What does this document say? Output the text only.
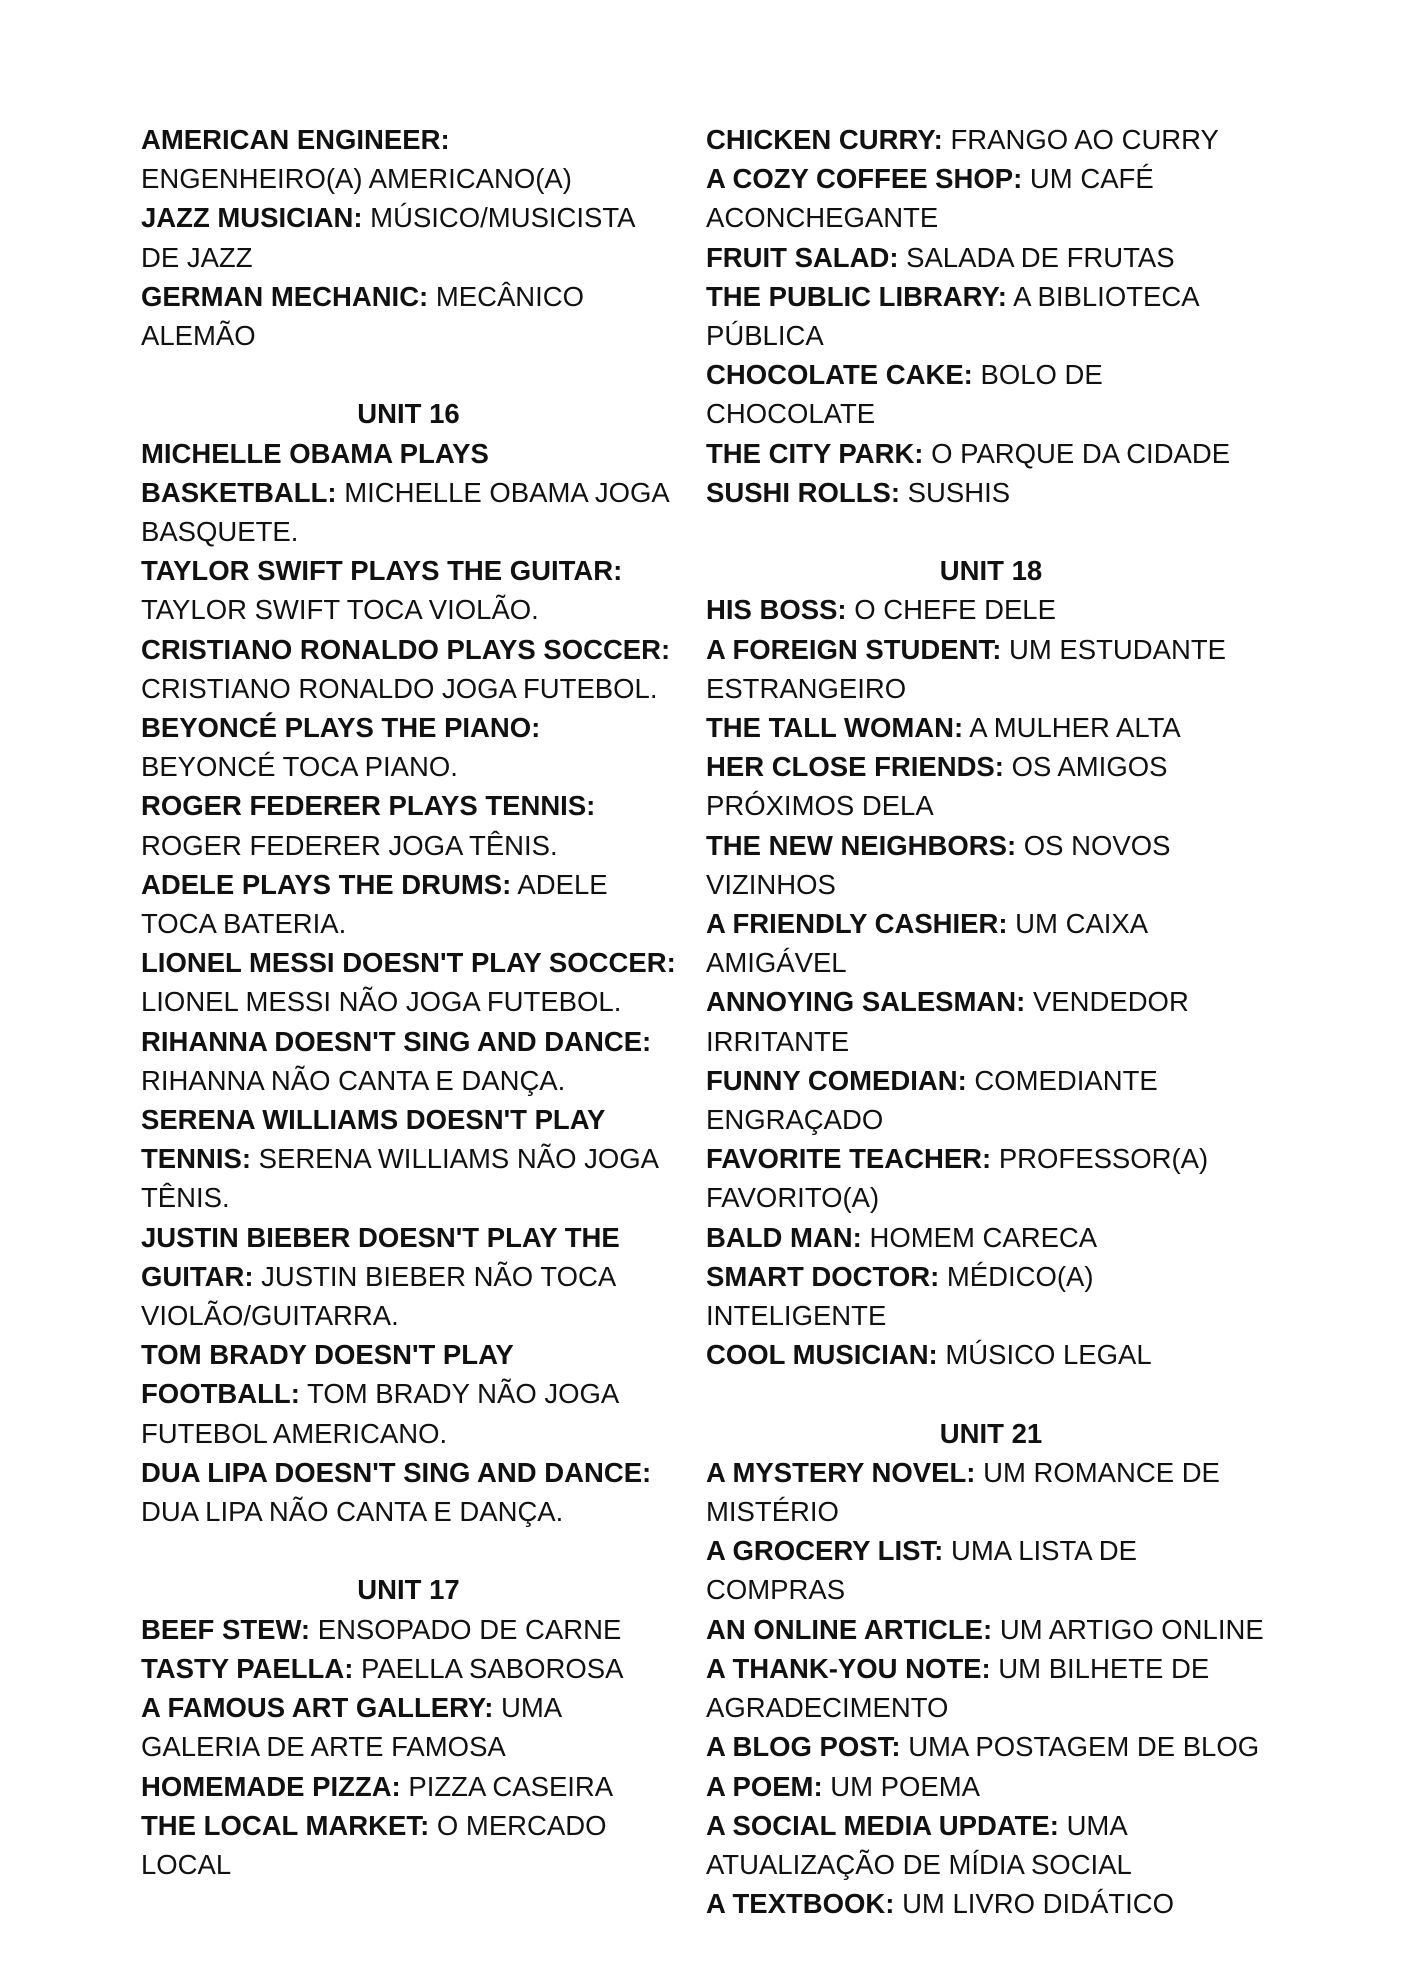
AMERICAN ENGINEER: ENGENHEIRO(A) AMERICANO(A)

JAZZ MUSICIAN: MÚSICO/MUSICISTA DE JAZZ

GERMAN MECHANIC: MECÂNICO ALEMÃO

UNIT 16

MICHELLE OBAMA PLAYS BASKETBALL: MICHELLE OBAMA JOGA BASQUETE.

TAYLOR SWIFT PLAYS THE GUITAR: TAYLOR SWIFT TOCA VIOLÃO.

CRISTIANO RONALDO PLAYS SOCCER: CRISTIANO RONALDO JOGA FUTEBOL.

BEYONCÉ PLAYS THE PIANO: BEYONCÉ TOCA PIANO.

ROGER FEDERER PLAYS TENNIS: ROGER FEDERER JOGA TÊNIS.

ADELE PLAYS THE DRUMS: ADELE TOCA BATERIA.

LIONEL MESSI DOESN'T PLAY SOCCER: LIONEL MESSI NÃO JOGA FUTEBOL.

RIHANNA DOESN'T SING AND DANCE: RIHANNA NÃO CANTA E DANÇA.

SERENA WILLIAMS DOESN'T PLAY TENNIS: SERENA WILLIAMS NÃO JOGA TÊNIS.

JUSTIN BIEBER DOESN'T PLAY THE GUITAR: JUSTIN BIEBER NÃO TOCA VIOLÃO/GUITARRA.

TOM BRADY DOESN'T PLAY FOOTBALL: TOM BRADY NÃO JOGA FUTEBOL AMERICANO.

DUA LIPA DOESN'T SING AND DANCE: DUA LIPA NÃO CANTA E DANÇA.

UNIT 17

BEEF STEW: ENSOPADO DE CARNE

TASTY PAELLA: PAELLA SABOROSA

A FAMOUS ART GALLERY: UMA GALERIA DE ARTE FAMOSA

HOMEMADE PIZZA: PIZZA CASEIRA

THE LOCAL MARKET: O MERCADO LOCAL

CHICKEN CURRY: FRANGO AO CURRY

A COZY COFFEE SHOP: UM CAFÉ ACONCHEGANTE

FRUIT SALAD: SALADA DE FRUTAS

THE PUBLIC LIBRARY: A BIBLIOTECA PÚBLICA

CHOCOLATE CAKE: BOLO DE CHOCOLATE

THE CITY PARK: O PARQUE DA CIDADE

SUSHI ROLLS: SUSHIS

UNIT 18

HIS BOSS: O CHEFE DELE

A FOREIGN STUDENT: UM ESTUDANTE ESTRANGEIRO

THE TALL WOMAN: A MULHER ALTA

HER CLOSE FRIENDS: OS AMIGOS PRÓXIMOS DELA

THE NEW NEIGHBORS: OS NOVOS VIZINHOS

A FRIENDLY CASHIER: UM CAIXA AMIGÁVEL

ANNOYING SALESMAN: VENDEDOR IRRITANTE

FUNNY COMEDIAN: COMEDIANTE ENGRAÇADO

FAVORITE TEACHER: PROFESSOR(A) FAVORITO(A)

BALD MAN: HOMEM CARECA

SMART DOCTOR: MÉDICO(A) INTELIGENTE

COOL MUSICIAN: MÚSICO LEGAL

UNIT 21

A MYSTERY NOVEL: UM ROMANCE DE MISTÉRIO

A GROCERY LIST: UMA LISTA DE COMPRAS

AN ONLINE ARTICLE: UM ARTIGO ONLINE

A THANK-YOU NOTE: UM BILHETE DE AGRADECIMENTO

A BLOG POST: UMA POSTAGEM DE BLOG

A POEM: UM POEMA

A SOCIAL MEDIA UPDATE: UMA ATUALIZAÇÃO DE MÍDIA SOCIAL

A TEXTBOOK: UM LIVRO DIDÁTICO
